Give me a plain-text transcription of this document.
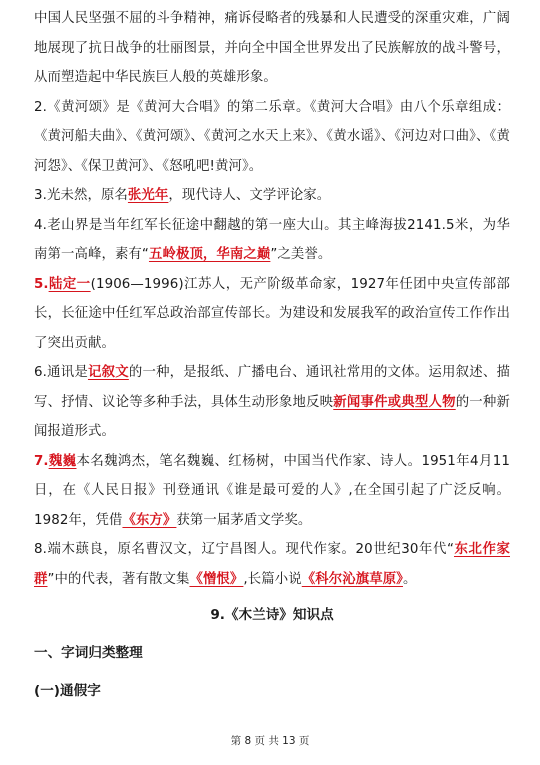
中国人民坚强不屈的斗争精神，痛诉侵略者的残暴和人民遭受的深重灾难，广阔地展现了抗日战争的壮丽图景，并向全中国全世界发出了民族解放的战斗警号，从而塑造起中华民族巨人般的英雄形象。

2.《黄河颂》是《黄河大合唱》的第二乐章。《黄河大合唱》由八个乐章组成：《黄河船夫曲》、《黄河颂》、《黄河之水天上来》、《黄水谣》、《河边对口曲》、《黄河怨》、《保卫黄河》、《怒吼吧!黄河》。

3.光未然，原名张光年，现代诗人、文学评论家。

4.老山界是当年红军长征途中翻越的第一座大山。其主峰海拔2141.5米，为华南第一高峰，素有“五岭极顶，华南之巅”之美誉。

5.陆定一(1906—1996)江苏人，无产阶级革命家，1927年任团中央宣传部部长，长征途中任红军总政治部宣传部长。为建设和发展我军的政治宣传工作作出了突出贡献。

6.通讯是记叙文的一种，是报纸、广播电台、通讯社常用的文体。运用叙述、描写、抒情、议论等多种手法，具体生动形象地反映新闻事件或典型人物的一种新闻报道形式。

7.魏巍本名魏鸿杰，笔名魏巍、红杨树，中国当代作家、诗人。1951年4月11日，在《人民日报》刊登通讯《谁是最可爱的人》,在全国引起了广泛反响。1982年，凭借《东方》获第一届茅盾文学奖。

8.端木蕻良，原名曹汉文，辽宁昌图人。现代作家。20世纪30年代“东北作家群”中的代表，著有散文集《憎恨》,长篇小说《科尔沁旗草原》。

9.《木兰诗》知识点

一、字词归类整理

(一)通假字

第 8 页 共 13 页
